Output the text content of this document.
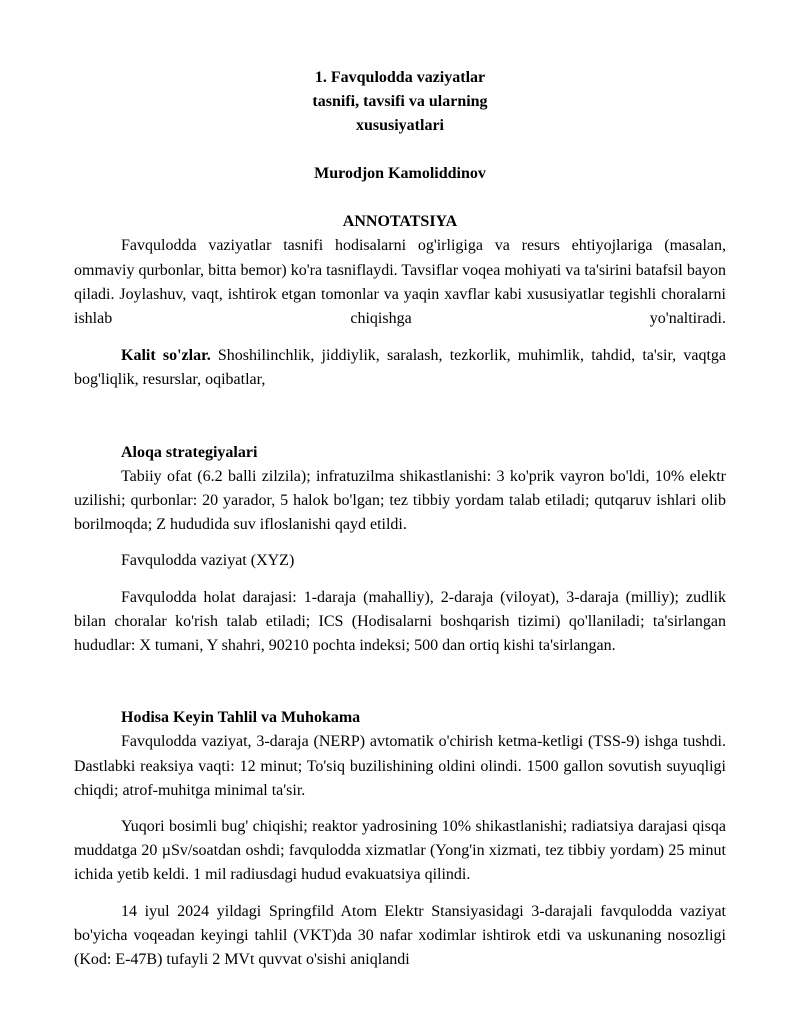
1. Favqulodda vaziyatlar
tasnifi, tavsifi va ularning
xususiyatlari
Murodjon Kamoliddinov
ANNOTATSIYA

Favqulodda vaziyatlar tasnifi hodisalarni og'irligiga va resurs ehtiyojlariga (masalan, ommaviy qurbonlar, bitta bemor) ko'ra tasniflaydi. Tavsiflar voqea mohiyati va ta'sirini batafsil bayon qiladi. Joylashuv, vaqt, ishtirok etgan tomonlar va yaqin xavflar kabi xususiyatlar tegishli choralarni ishlab chiqishga yo'naltiradi.

Kalit so'zlar. Shoshilinchlik, jiddiylik, saralash, tezkorlik, muhimlik, tahdid, ta'sir, vaqtga bog'liqlik, resurslar, oqibatlar,

Aloqa strategiyalari

Tabiiy ofat (6.2 balli zilzila); infratuzilma shikastlanishi: 3 ko'prik vayron bo'ldi, 10% elektr uzilishi; qurbonlar: 20 yarador, 5 halok bo'lgan; tez tibbiy yordam talab etiladi; qutqaruv ishlari olib borilmoqda; Z hududida suv ifloslanishi qayd etildi.

Favqulodda vaziyat (XYZ)

Favqulodda holat darajasi: 1-daraja (mahalliy), 2-daraja (viloyat), 3-daraja (milliy); zudlik bilan choralar ko'rish talab etiladi; ICS (Hodisalarni boshqarish tizimi) qo'llaniladi; ta'sirlangan hududlar: X tumani, Y shahri, 90210 pochta indeksi; 500 dan ortiq kishi ta'sirlangan.

Hodisa Keyin Tahlil va Muhokama

Favqulodda vaziyat, 3-daraja (NERP) avtomatik o'chirish ketma-ketligi (TSS-9) ishga tushdi. Dastlabki reaksiya vaqti: 12 minut; To'siq buzilishining oldini olindi. 1500 gallon sovutish suyuqligi chiqdi; atrof-muhitga minimal ta'sir.

Yuqori bosimli bug' chiqishi; reaktor yadrosining 10% shikastlanishi; radiatsiya darajasi qisqa muddatga 20 µSv/soatdan oshdi; favqulodda xizmatlar (Yong'in xizmati, tez tibbiy yordam) 25 minut ichida yetib keldi. 1 mil radiusdagi hudud evakuatsiya qilindi.

14 iyul 2024 yildagi Springfild Atom Elektr Stansiyasidagi 3-darajali favqulodda vaziyat bo'yicha voqeadan keyingi tahlil (VKT)da 30 nafar xodimlar ishtirok etdi va uskunaning nosozligi (Kod: E-47B) tufayli 2 MVt quvvat o'sishi aniqlandi
